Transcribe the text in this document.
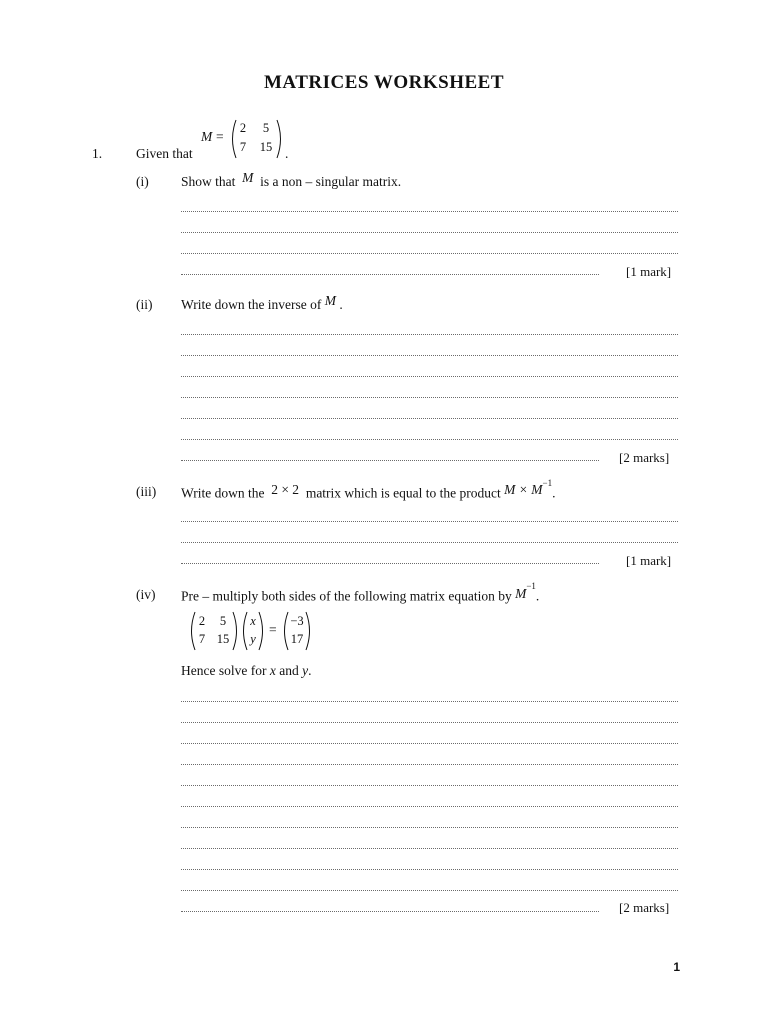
MATRICES WORKSHEET
1.	Given that
M =
2	5
7 15 .
(i) Show that M is a non – singular matrix.
[1 mark]
(ii) Write down the inverse of M .
[2 marks]
(iii) Write down the 2 × 2 matrix which is equal to the product $M \times M^{-1}$.
[1 mark]
(iv) Pre – multiply both sides of the following matrix equation by $M^{-1}$.
2	5
7 15
x
y
=
−3
17
Hence solve for x and y.
[2 marks]
1
